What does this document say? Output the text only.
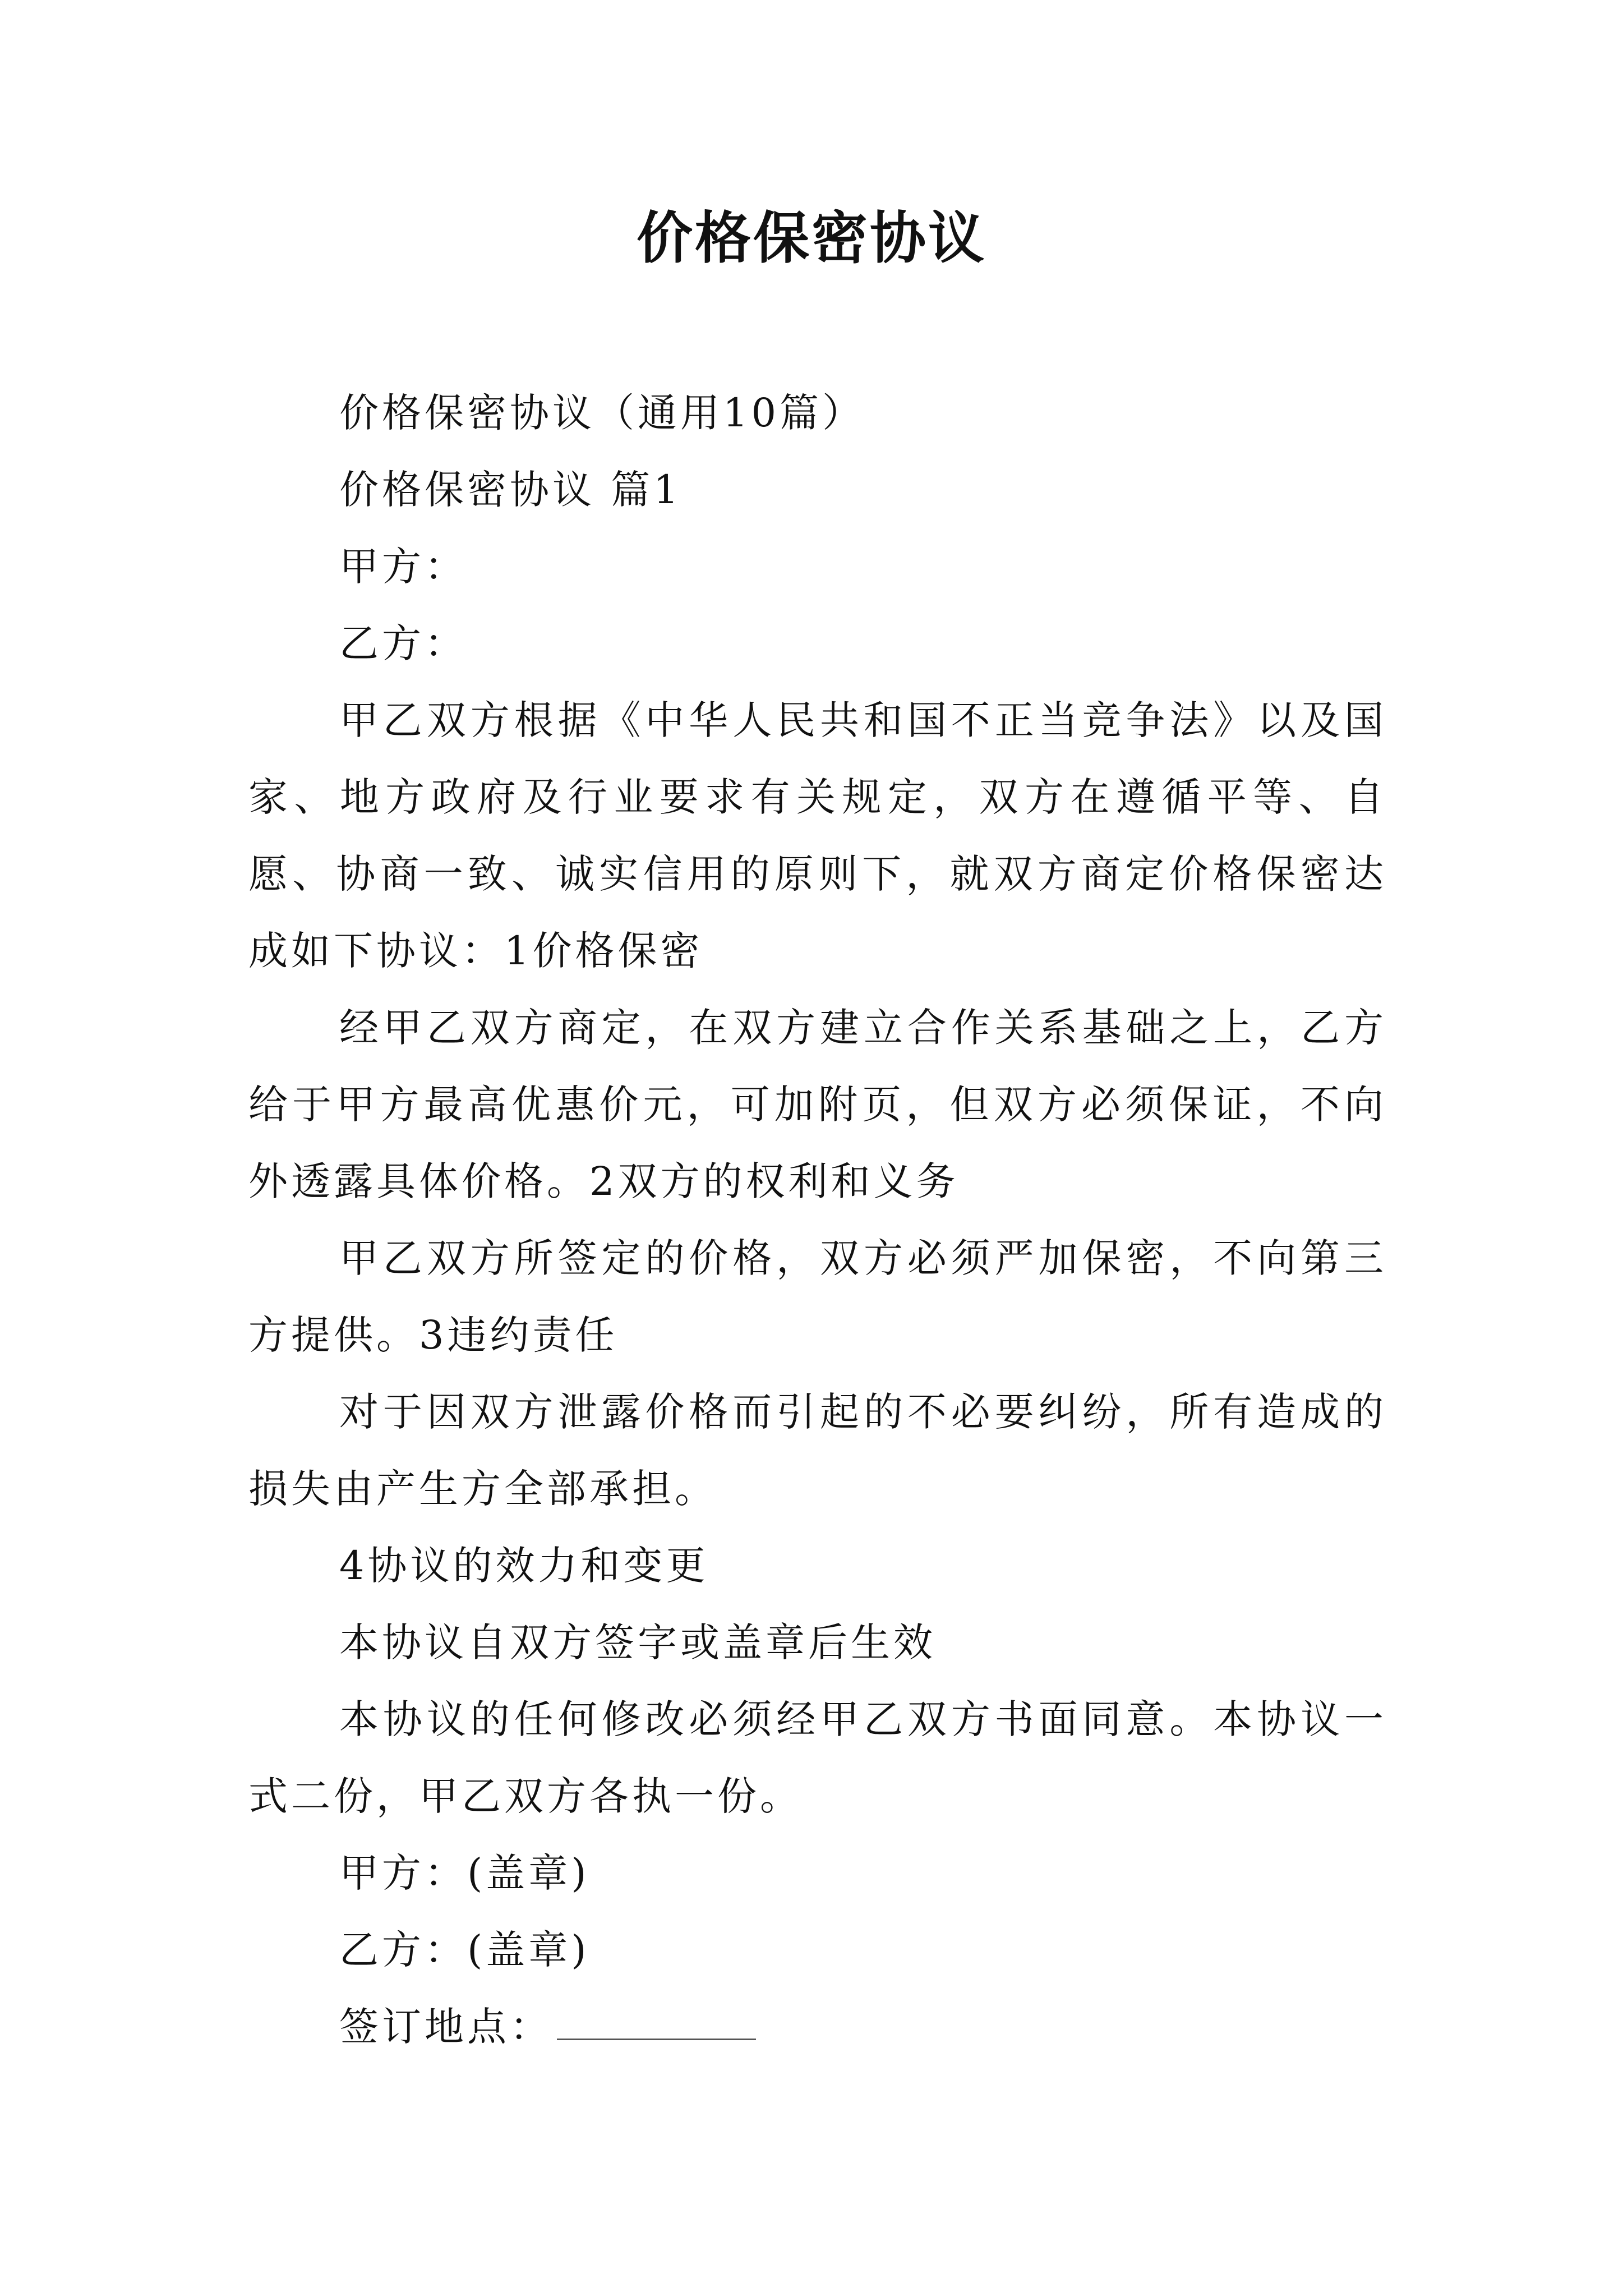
价格保密协议

价格保密协议（通用10篇）

价格保密协议 篇1

甲方：

乙方：

甲乙双方根据《中华人民共和国不正当竞争法》以及国家、地方政府及行业要求有关规定，双方在遵循平等、自愿、协商一致、诚实信用的原则下，就双方商定价格保密达成如下协议：1价格保密

经甲乙双方商定，在双方建立合作关系基础之上，乙方给于甲方最高优惠价元，可加附页，但双方必须保证，不向外透露具体价格。2双方的权利和义务

甲乙双方所签定的价格，双方必须严加保密，不向第三方提供。3违约责任

对于因双方泄露价格而引起的不必要纠纷，所有造成的损失由产生方全部承担。

4协议的效力和变更

本协议自双方签字或盖章后生效

本协议的任何修改必须经甲乙双方书面同意。本协议一式二份，甲乙双方各执一份。

甲方：(盖章)

乙方：(盖章)

签订地点：
